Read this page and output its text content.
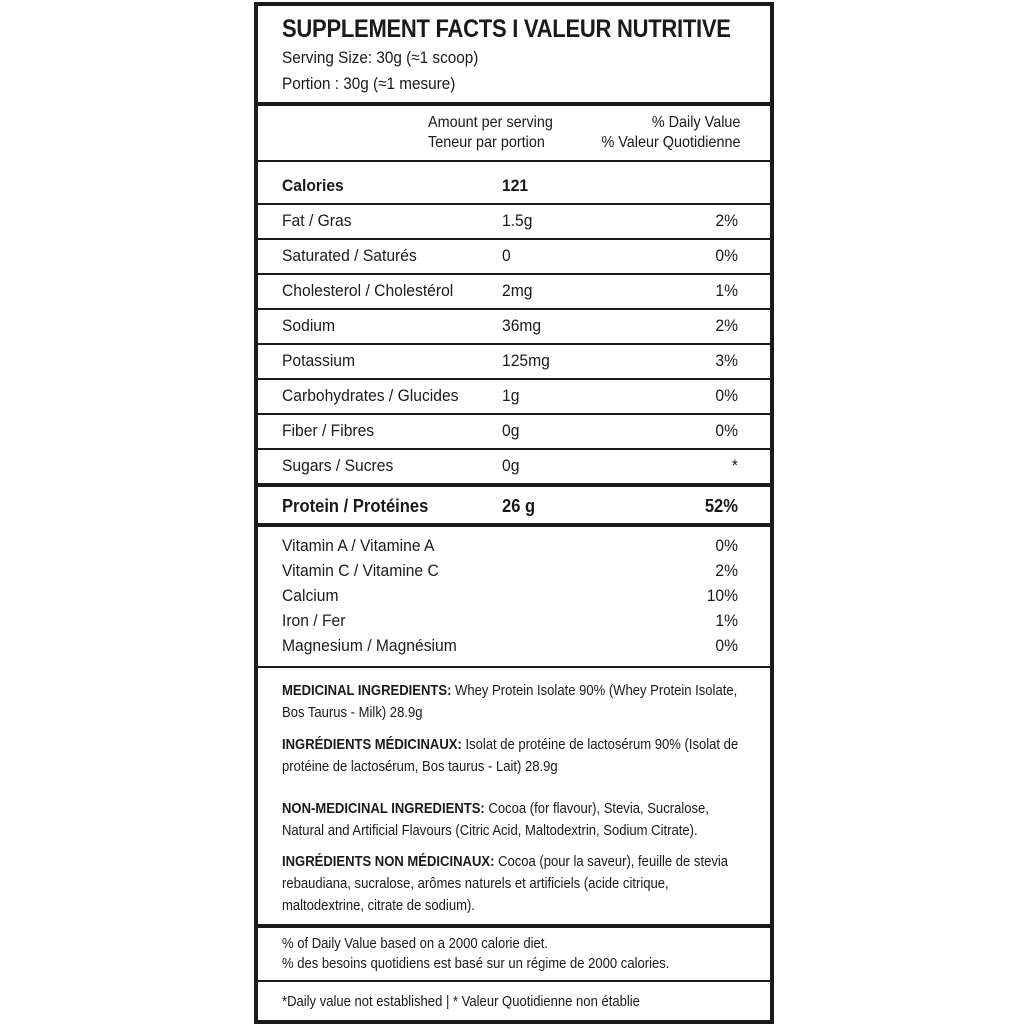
SUPPLEMENT FACTS I VALEUR NUTRITIVE
Serving Size: 30g (≈1 scoop)
Portion : 30g (≈1 mesure)
Amount per serving
Teneur par portion
% Daily Value
% Valeur Quotidienne
Calories	121
Fat / Gras	1.5g	2%
Saturated / Saturés	0	0%
Cholesterol / Cholestérol	2mg	1%
Sodium	36mg	2%
Potassium	125mg	3%
Carbohydrates / Glucides	1g	0%
Fiber / Fibres	0g	0%
Sugars / Sucres	0g	*
Protein / Protéines	26 g	52%
Vitamin A / Vitamine A	0%
Vitamin C / Vitamine C	2%
Calcium	10%
Iron / Fer	1%
Magnesium / Magnésium	0%
MEDICINAL INGREDIENTS: Whey Protein Isolate 90% (Whey Protein Isolate, Bos Taurus - Milk) 28.9g
INGRÉDIENTS MÉDICINAUX: Isolat de protéine de lactosérum 90% (Isolat de protéine de lactosérum, Bos taurus - Lait) 28.9g
NON-MEDICINAL INGREDIENTS: Cocoa (for flavour), Stevia, Sucralose, Natural and Artificial Flavours (Citric Acid, Maltodextrin, Sodium Citrate).
INGRÉDIENTS NON MÉDICINAUX: Cocoa (pour la saveur), feuille de stevia rebaudiana, sucralose, arômes naturels et artificiels (acide citrique, maltodextrine, citrate de sodium).
% of Daily Value based on a 2000 calorie diet.
% des besoins quotidiens est basé sur un régime de 2000 calories.
*Daily value not established | * Valeur Quotidienne non établie
